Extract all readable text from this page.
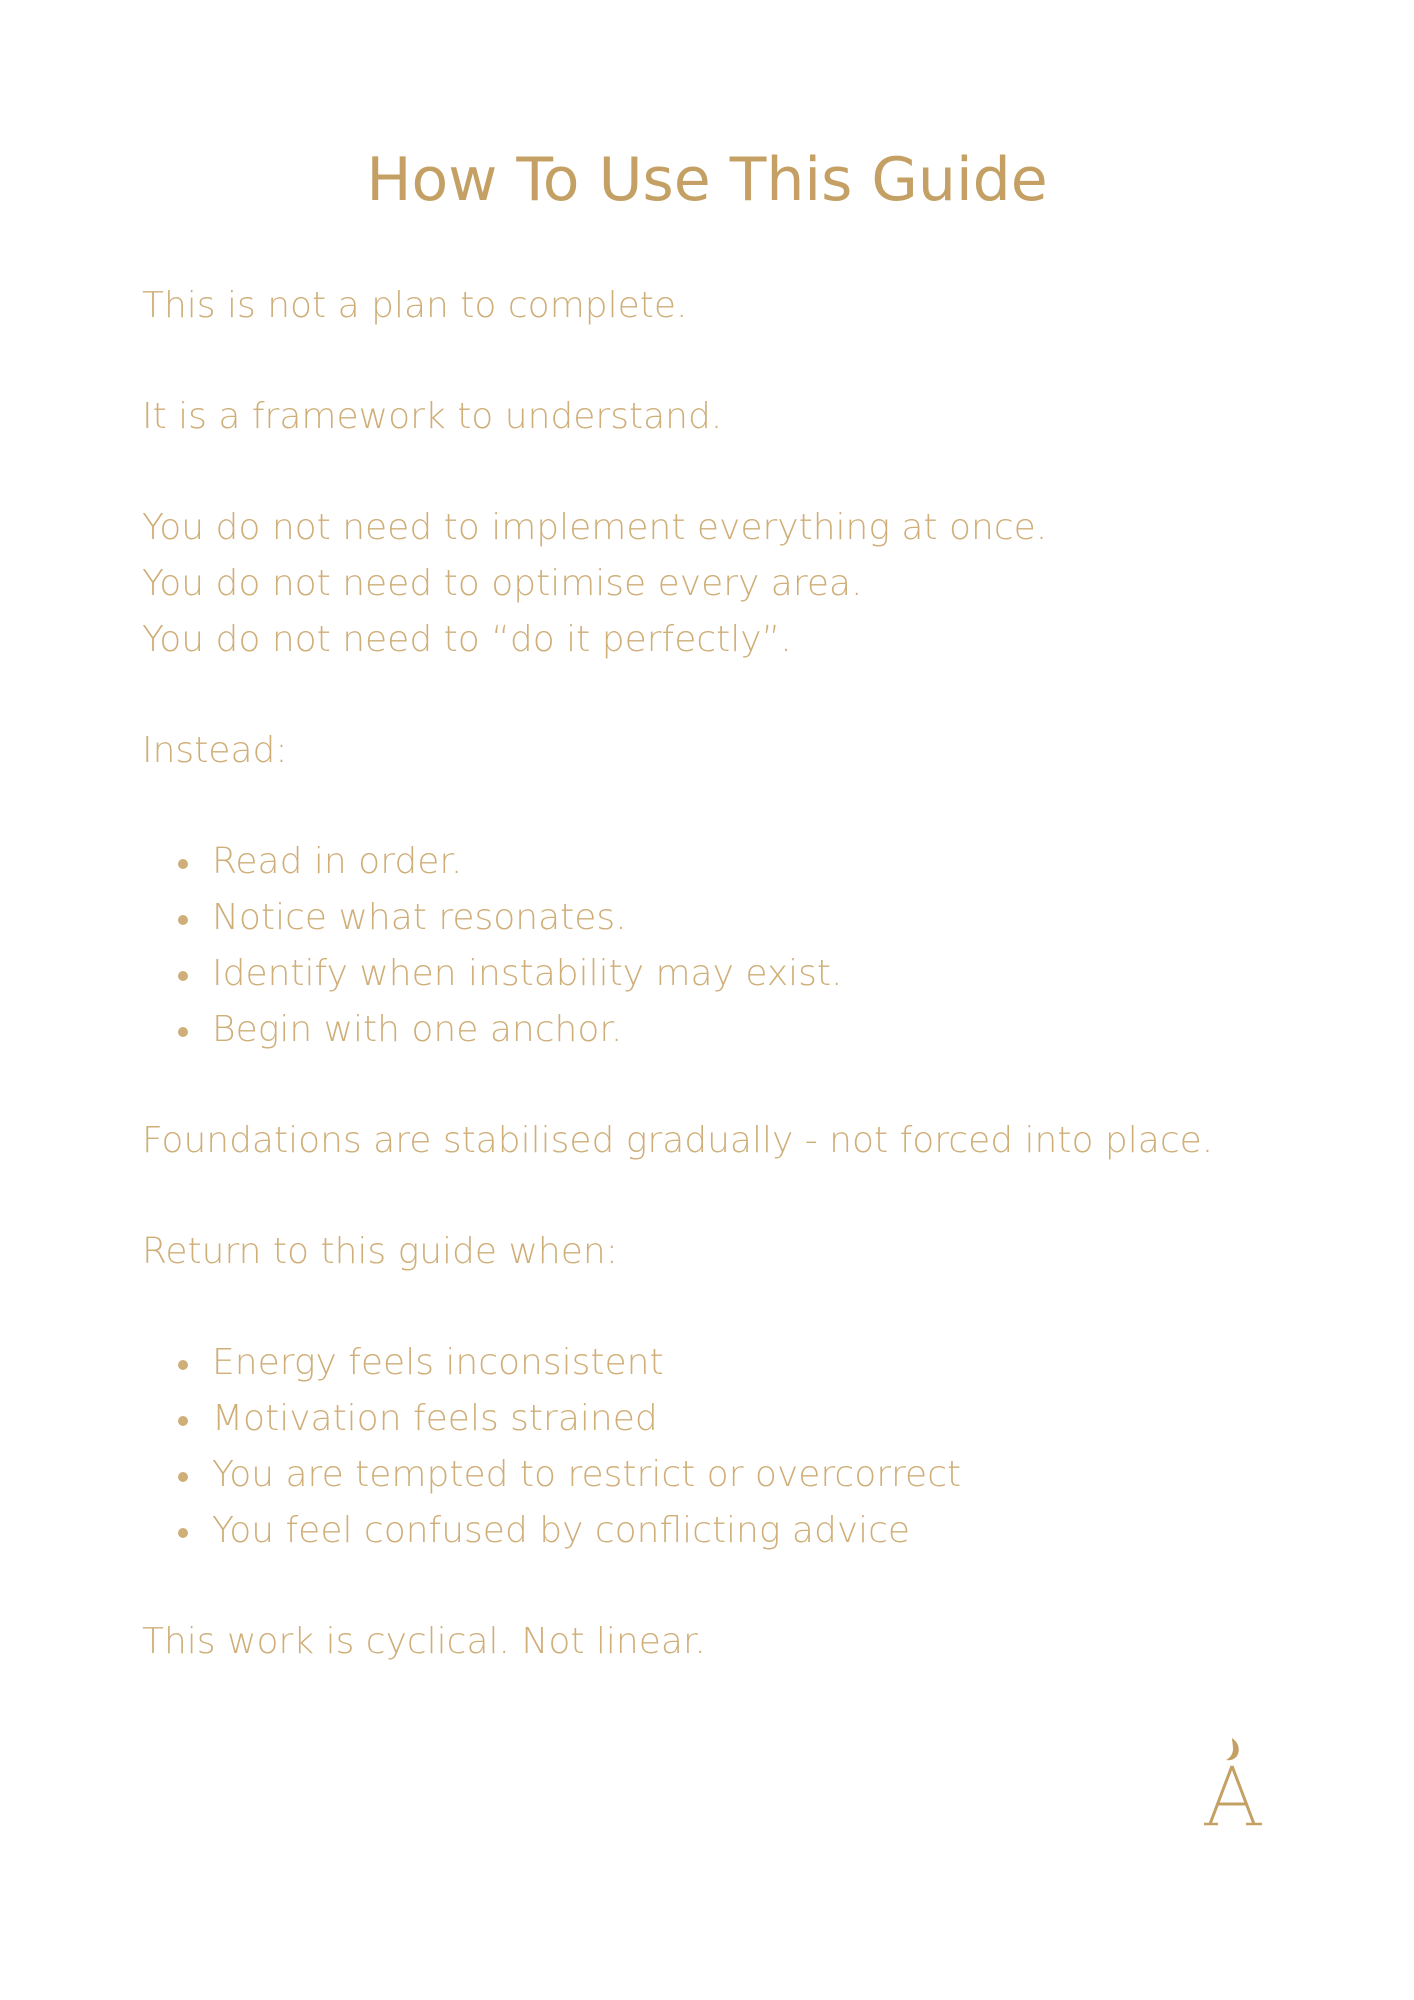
How To Use This Guide

This is not a plan to complete.

It is a framework to understand.

You do not need to implement everything at once.
You do not need to optimise every area.
You do not need to “do it perfectly”.

Instead:

Read in order.
Notice what resonates.
Identify when instability may exist.
Begin with one anchor.

Foundations are stabilised gradually - not forced into place.

Return to this guide when:

Energy feels inconsistent
Motivation feels strained
You are tempted to restrict or overcorrect
You feel confused by conflicting advice

This work is cyclical. Not linear.
